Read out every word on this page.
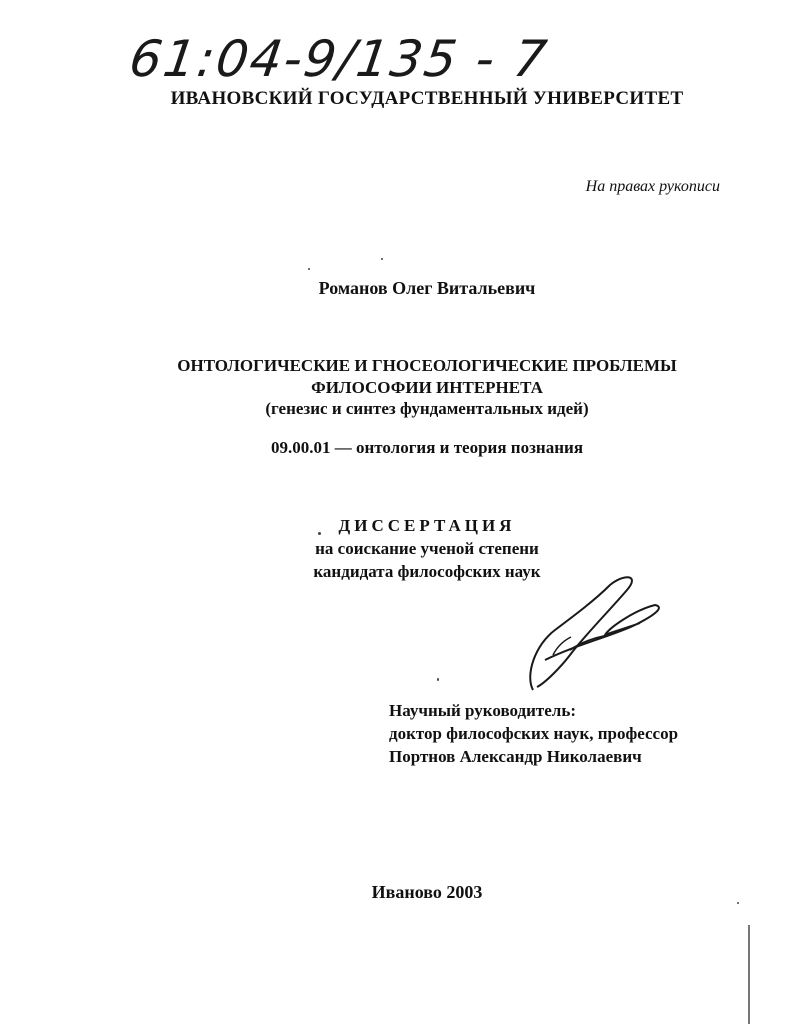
61:04-9/135 - 7
ИВАНОВСКИЙ ГОСУДАРСТВЕННЫЙ УНИВЕРСИТЕТ
На правах рукописи
Романов Олег Витальевич
ОНТОЛОГИЧЕСКИЕ И ГНОСЕОЛОГИЧЕСКИЕ ПРОБЛЕМЫ
ФИЛОСОФИИ ИНТЕРНЕТА
(генезис и синтез фундаментальных идей)
09.00.01 — онтология и теория познания
ДИССЕРТАЦИЯ
на соискание ученой степени
кандидата философских наук
Научный руководитель:
доктор философских наук, профессор
Портнов Александр Николаевич
Иваново 2003
